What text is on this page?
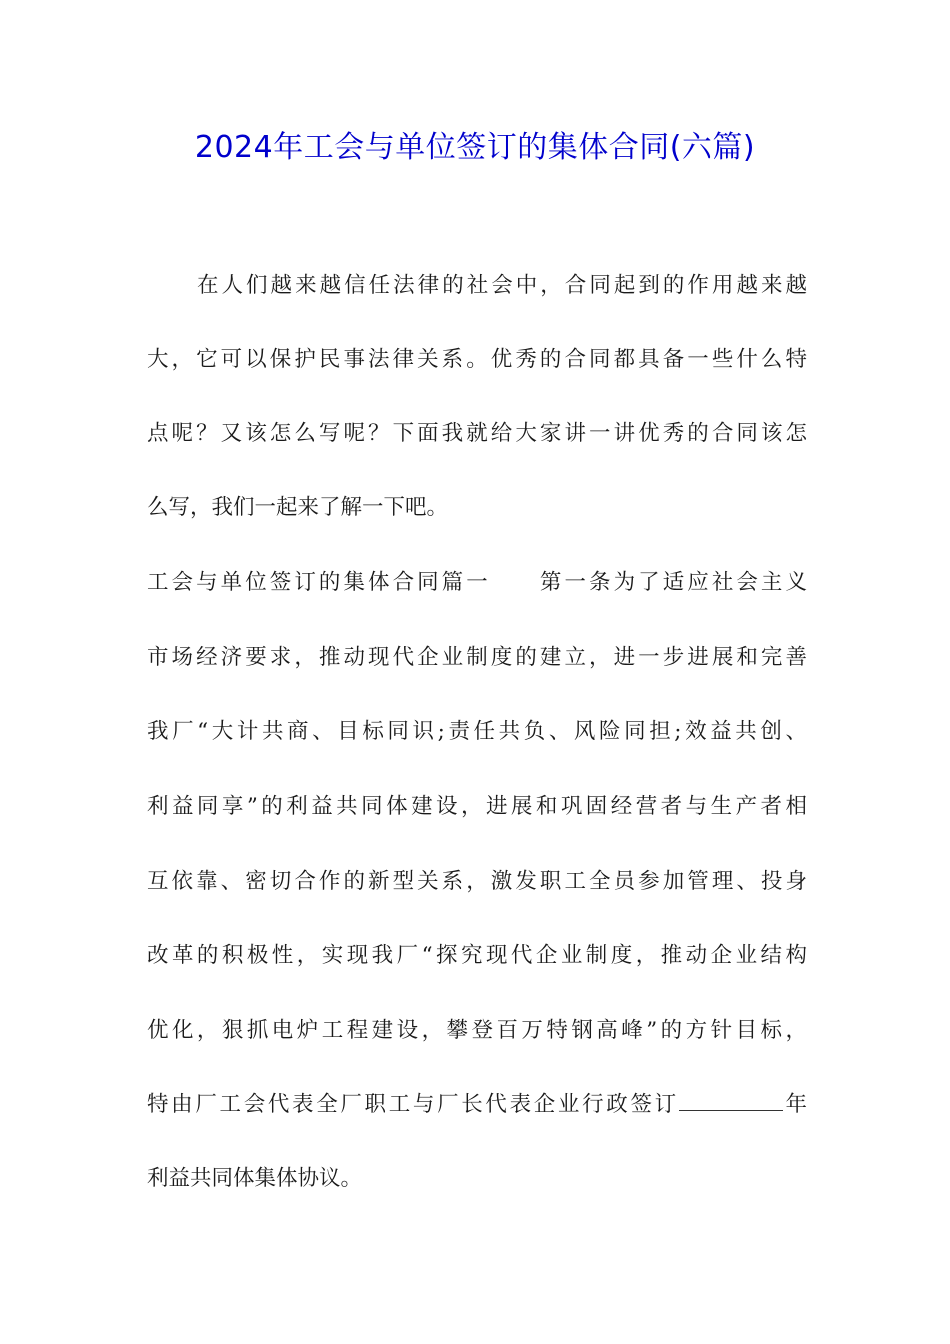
2024年工会与单位签订的集体合同(六篇)
在人们越来越信任法律的社会中，合同起到的作用越来越
大，它可以保护民事法律关系。优秀的合同都具备一些什么特
点呢？又该怎么写呢？下面我就给大家讲一讲优秀的合同该怎
么写，我们一起来了解一下吧。
工会与单位签订的集体合同篇一　　第一条为了适应社会主义
市场经济要求，推动现代企业制度的建立，进一步进展和完善
我厂“大计共商、目标同识;责任共负、风险同担;效益共创、
利益同享”的利益共同体建设，进展和巩固经营者与生产者相
互依靠、密切合作的新型关系，激发职工全员参加管理、投身
改革的积极性，实现我厂“探究现代企业制度，推动企业结构
优化，狠抓电炉工程建设，攀登百万特钢高峰”的方针目标，
特由厂工会代表全厂职工与厂长代表企业行政签订	年
利益共同体集体协议。
